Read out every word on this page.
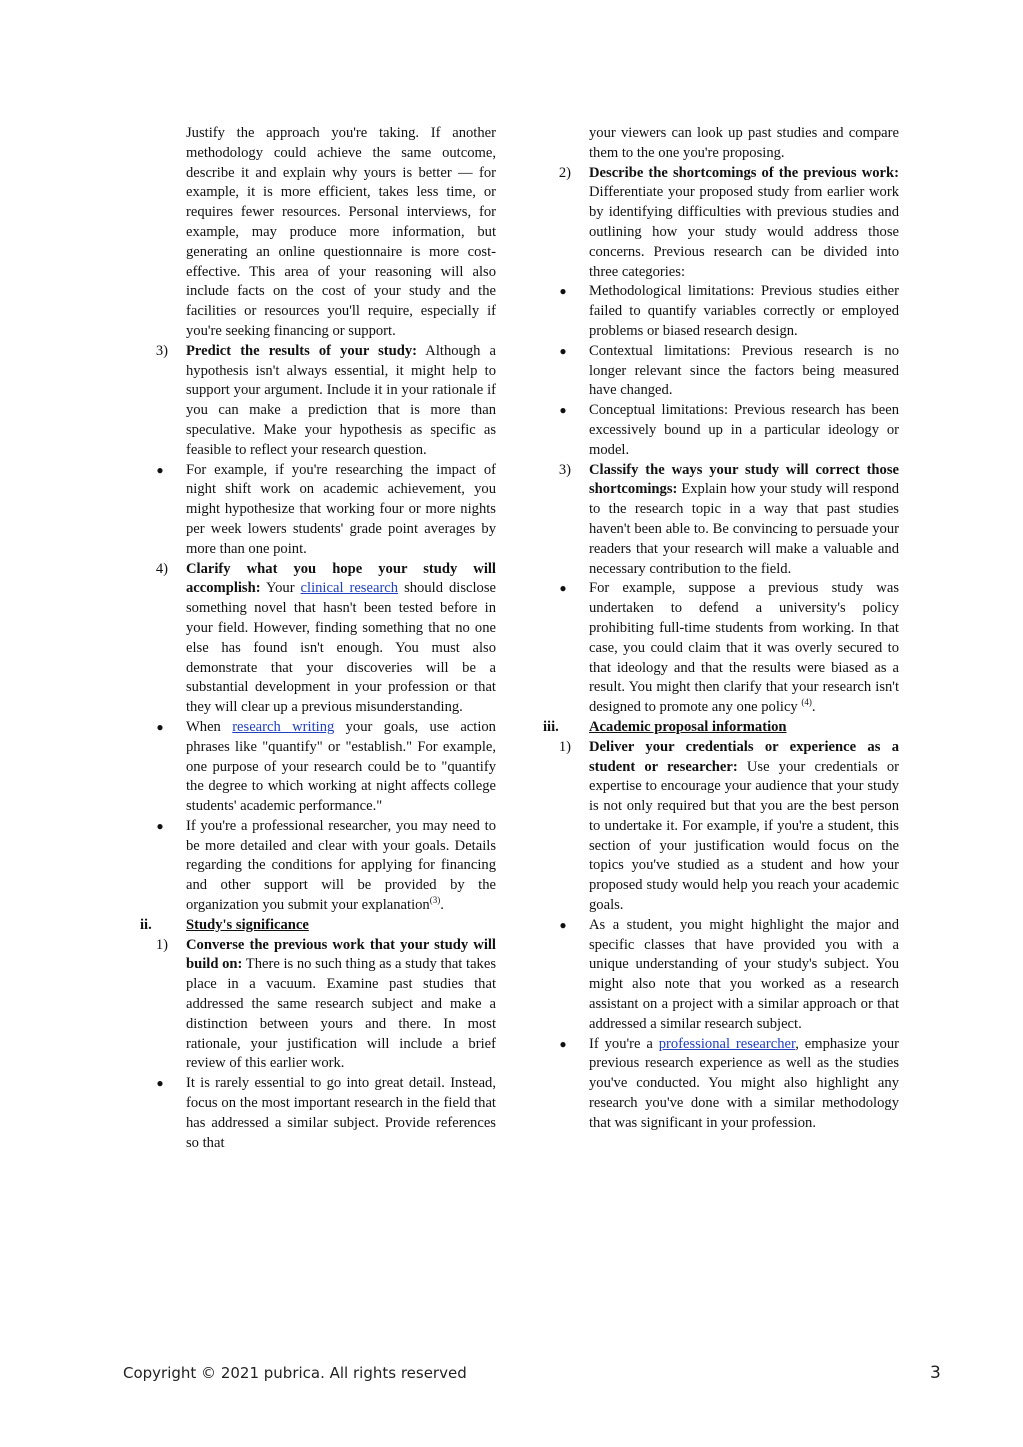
Justify the approach you're taking. If another methodology could achieve the same outcome, describe it and explain why yours is better — for example, it is more efficient, takes less time, or requires fewer resources. Personal interviews, for example, may produce more information, but generating an online questionnaire is more cost-effective. This area of your reasoning will also include facts on the cost of your study and the facilities or resources you'll require, especially if you're seeking financing or support.
3) Predict the results of your study: Although a hypothesis isn't always essential, it might help to support your argument. Include it in your rationale if you can make a prediction that is more than speculative. Make your hypothesis as specific as feasible to reflect your research question.
●	For example, if you're researching the impact of night shift work on academic achievement, you might hypothesize that working four or more nights per week lowers students' grade point averages by more than one point.
4) Clarify what you hope your study will accomplish: Your clinical research should disclose something novel that hasn't been tested before in your field. However, finding something that no one else has found isn't enough. You must also demonstrate that your discoveries will be a substantial development in your profession or that they will clear up a previous misunderstanding.
●	When research writing your goals, use action phrases like "quantify" or "establish." For example, one purpose of your research could be to "quantify the degree to which working at night affects college students' academic performance."
●	If you're a professional researcher, you may need to be more detailed and clear with your goals. Details regarding the conditions for applying for financing and other support will be provided by the organization you submit your explanation$^{(3)}$.
ii.	Study's significance
1) Converse the previous work that your study will build on: There is no such thing as a study that takes place in a vacuum. Examine past studies that addressed the same research subject and make a distinction between yours and there. In most rationale, your justification will include a brief review of this earlier work.
●	It is rarely essential to go into great detail. Instead, focus on the most important research in the field that has addressed a similar subject. Provide references so that
your viewers can look up past studies and compare them to the one you're proposing.
2) Describe the shortcomings of the previous work: Differentiate your proposed study from earlier work by identifying difficulties with previous studies and outlining how your study would address those concerns. Previous research can be divided into three categories:
●	Methodological limitations: Previous studies either failed to quantify variables correctly or employed problems or biased research design.
●	Contextual limitations: Previous research is no longer relevant since the factors being measured have changed.
●	Conceptual limitations: Previous research has been excessively bound up in a particular ideology or model.
3) Classify the ways your study will correct those shortcomings: Explain how your study will respond to the research topic in a way that past studies haven't been able to. Be convincing to persuade your readers that your research will make a valuable and necessary contribution to the field.
●	For example, suppose a previous study was undertaken to defend a university's policy prohibiting full-time students from working. In that case, you could claim that it was overly secured to that ideology and that the results were biased as a result. You might then clarify that your research isn't designed to promote any one policy $^{(4)}$.
iii.	Academic proposal information
1) Deliver your credentials or experience as a student or researcher: Use your credentials or expertise to encourage your audience that your study is not only required but that you are the best person to undertake it. For example, if you're a student, this section of your justification would focus on the topics you've studied as a student and how your proposed study would help you reach your academic goals.
●	As a student, you might highlight the major and specific classes that have provided you with a unique understanding of your study's subject. You might also note that you worked as a research assistant on a project with a similar approach or that addressed a similar research subject.
●	If you're a professional researcher, emphasize your previous research experience as well as the studies you've conducted. You might also highlight any research you've done with a similar methodology that was significant in your profession.
Copyright © 2021 pubrica. All rights reserved	3
